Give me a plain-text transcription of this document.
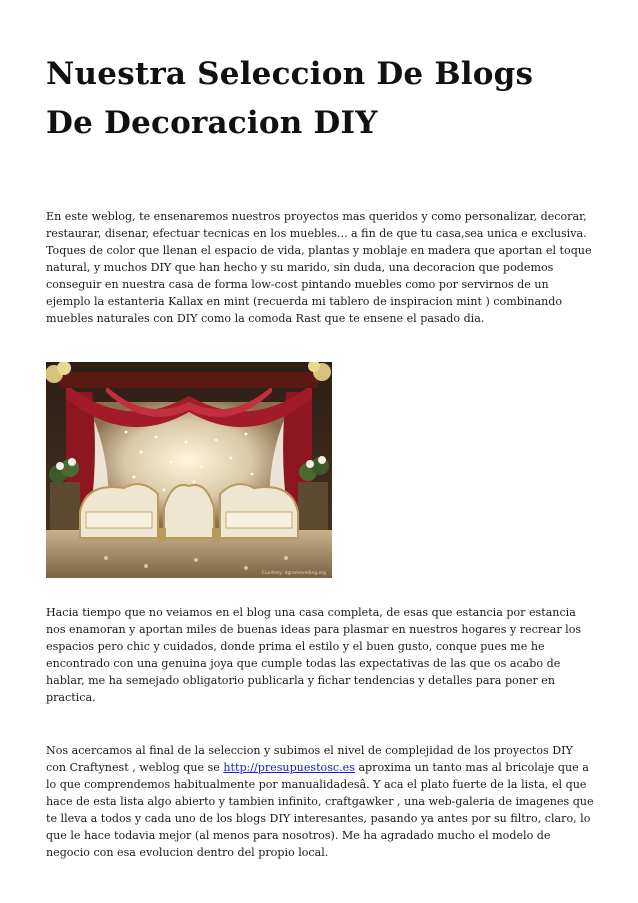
Nuestra Seleccion De Blogs
De Decoracion DIY

En este weblog, te ensenaremos nuestros proyectos mas queridos y como personalizar, decorar, restaurar, disenar, efectuar tecnicas en los muebles... a fin de que tu casa,sea unica e exclusiva. Toques de color que llenan el espacio de vida, plantas y moblaje en madera que aportan el toque natural, y muchos DIY que han hecho y su marido, sin duda, una decoracion que podemos conseguir en nuestra casa de forma low-cost pintando muebles como por servirnos de un ejemplo la estanteria Kallax en mint (recuerda mi tablero de inspiracion mint ) combinando muebles naturales con DIY como la comoda Rast que te ensene el pasado dia.

Courtesy: dgrameveding.org

Hacia tiempo que no veiamos en el blog una casa completa, de esas que estancia por estancia nos enamoran y aportan miles de buenas ideas para plasmar en nuestros hogares y recrear los espacios pero chic y cuidados, donde prima el estilo y el buen gusto, conque pues me he encontrado con una genuina joya que cumple todas las expectativas de las que os acabo de hablar, me ha semejado obligatorio publicarla y fichar tendencias y detalles para poner en practica.

Nos acercamos al final de la seleccion y subimos el nivel de complejidad de los proyectos DIY con Craftynest , weblog que se http://presupuestosc.es aproxima un tanto mas al bricolaje que a lo que comprendemos habitualmente por manualidadesâ. Y aca el plato fuerte de la lista, el que hace de esta lista algo abierto y tambien infinito, craftgawker , una web-galeria de imagenes que te lleva a todos y cada uno de los blogs DIY interesantes, pasando ya antes por su filtro, claro, lo que le hace todavia mejor (al menos para nosotros). Me ha agradado mucho el modelo de negocio con esa evolucion dentro del propio local.
